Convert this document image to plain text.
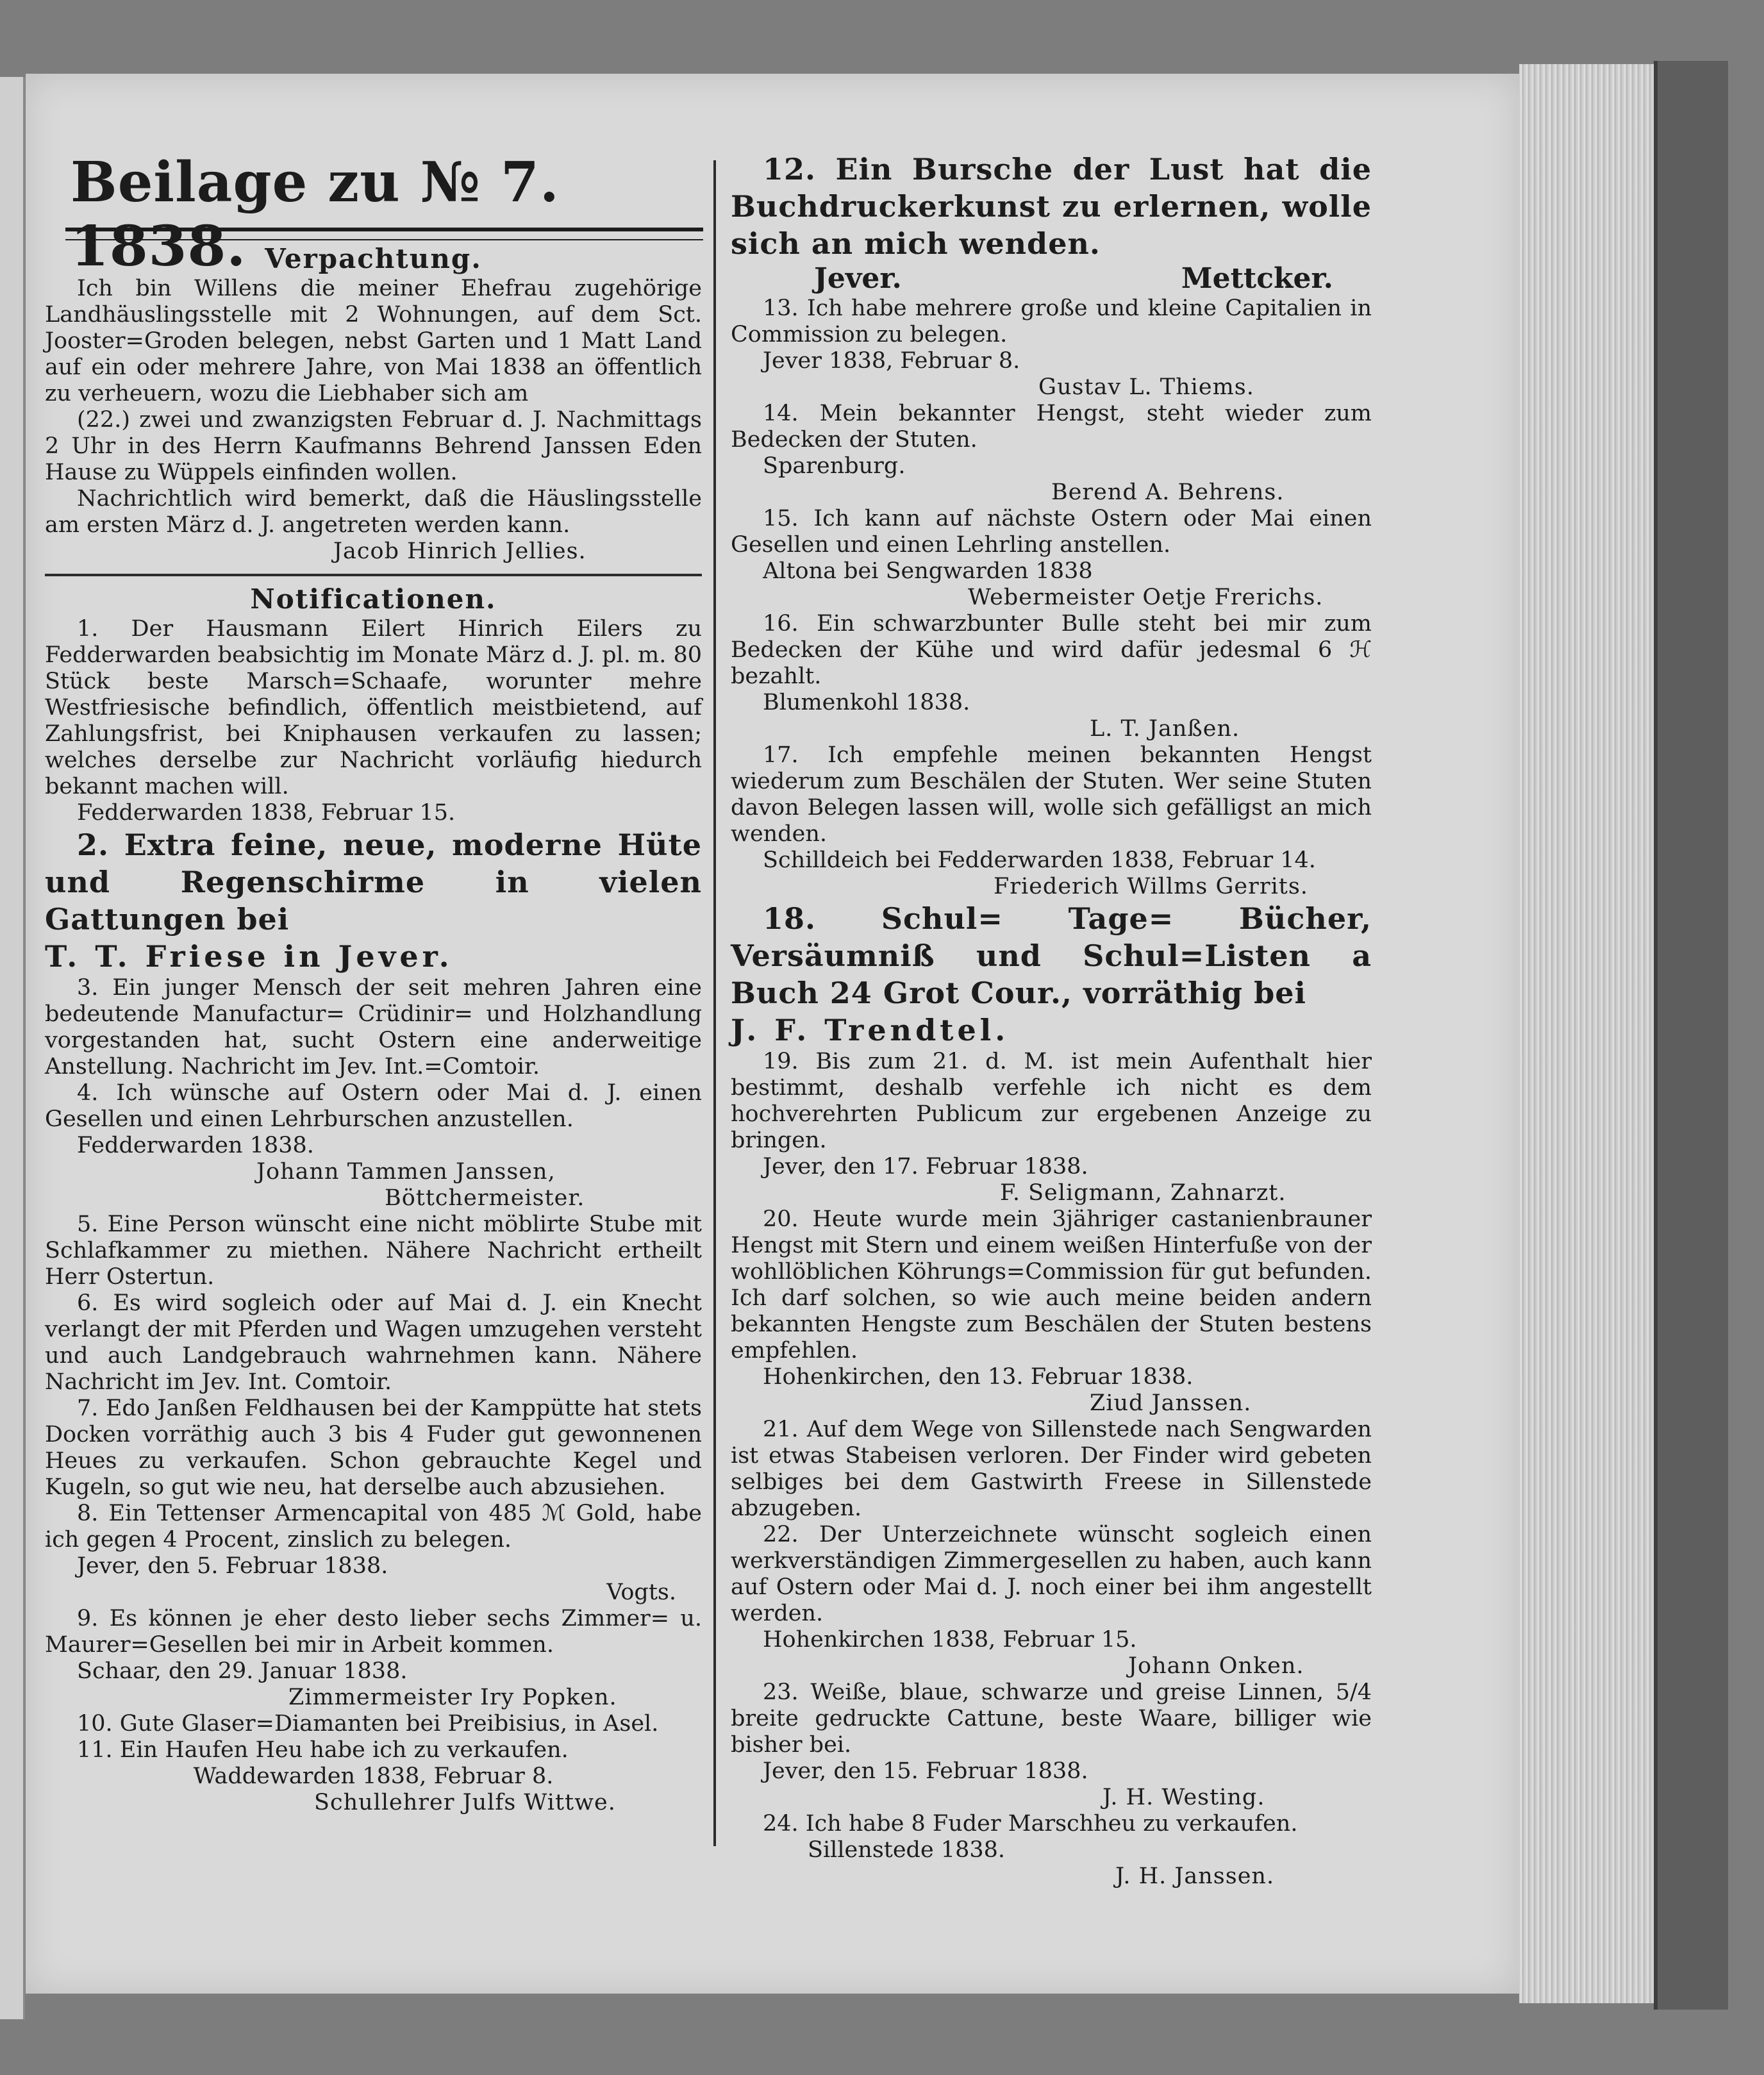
Beilage zu № 7. 1838. Verpachtung.

Ich bin Willens die meiner Ehefrau zugehörige Landhäuslingsstelle mit 2 Wohnungen, auf dem Sct. Jooster=Groden belegen, nebst Garten und 1 Matt Land auf ein oder mehrere Jahre, von Mai 1838 an öffentlich zu verheuern, wozu die Liebhaber sich am

(22.) zwei und zwanzigsten Februar d. J. Nachmittags 2 Uhr in des Herrn Kaufmanns Behrend Janssen Eden Hause zu Wüppels einfinden wollen.

Nachrichtlich wird bemerkt, daß die Häuslingsstelle am ersten März d. J. angetreten werden kann.

Jacob Hinrich Jellies.

Notificationen.

1. Der Hausmann Eilert Hinrich Eilers zu Fedderwarden beabsichtig im Monate März d. J. pl. m. 80 Stück beste Marsch=Schaafe, worunter mehre Westfriesische befindlich, öffentlich meistbietend, auf Zahlungsfrist, bei Kniphausen verkaufen zu lassen; welches derselbe zur Nachricht vorläufig hiedurch bekannt machen will.

Fedderwarden 1838, Februar 15.

2. Extra feine, neue, moderne Hüte und Regenschirme in vielen Gattungen bei

T. T. Friese in Jever.

3. Ein junger Mensch der seit mehren Jahren eine bedeutende Manufactur= Crüdinir= und Holzhandlung vorgestanden hat, sucht Ostern eine anderweitige Anstellung. Nachricht im Jev. Int.=Comtoir.

4. Ich wünsche auf Ostern oder Mai d. J. einen Gesellen und einen Lehrburschen anzustellen.

Fedderwarden 1838.

Johann Tammen Janssen,

Böttchermeister.

5. Eine Person wünscht eine nicht möblirte Stube mit Schlafkammer zu miethen. Nähere Nachricht ertheilt Herr Ostertun.

6. Es wird sogleich oder auf Mai d. J. ein Knecht verlangt der mit Pferden und Wagen umzugehen versteht und auch Landgebrauch wahrnehmen kann. Nähere Nachricht im Jev. Int. Comtoir.

7. Edo Janßen Feldhausen bei der Kamppütte hat stets Docken vorräthig auch 3 bis 4 Fuder gut gewonnenen Heues zu verkaufen. Schon gebrauchte Kegel und Kugeln, so gut wie neu, hat derselbe auch abzusiehen.

8. Ein Tettenser Armencapital von 485 ℳ Gold, habe ich gegen 4 Procent, zinslich zu belegen.

Jever, den 5. Februar 1838.

Vogts.

9. Es können je eher desto lieber sechs Zimmer= u. Maurer=Gesellen bei mir in Arbeit kommen.

Schaar, den 29. Januar 1838.

Zimmermeister Iry Popken.

10. Gute Glaser=Diamanten bei Preibisius, in Asel.

11. Ein Haufen Heu habe ich zu verkaufen.

Waddewarden 1838, Februar 8.

Schullehrer Julfs Wittwe.

12. Ein Bursche der Lust hat die Buchdruckerkunst zu erlernen, wolle sich an mich wenden.

Jever.	Mettcker.

13. Ich habe mehrere große und kleine Capitalien in Commission zu belegen.

Jever 1838, Februar 8.

Gustav L. Thiems.

14. Mein bekannter Hengst, steht wieder zum Bedecken der Stuten.

Sparenburg.

Berend A. Behrens.

15. Ich kann auf nächste Ostern oder Mai einen Gesellen und einen Lehrling anstellen.

Altona bei Sengwarden 1838

Webermeister Oetje Frerichs.

16. Ein schwarzbunter Bulle steht bei mir zum Bedecken der Kühe und wird dafür jedesmal 6 ℋ bezahlt.

Blumenkohl 1838.

L. T. Janßen.

17. Ich empfehle meinen bekannten Hengst wiederum zum Beschälen der Stuten. Wer seine Stuten davon Belegen lassen will, wolle sich gefälligst an mich wenden.

Schilldeich bei Fedderwarden 1838, Februar 14.

Friederich Willms Gerrits.

18. Schul= Tage= Bücher, Versäumniß und Schul=Listen a Buch 24 Grot Cour., vorräthig bei

J. F. Trendtel.

19. Bis zum 21. d. M. ist mein Aufenthalt hier bestimmt, deshalb verfehle ich nicht es dem hochverehrten Publicum zur ergebenen Anzeige zu bringen.

Jever, den 17. Februar 1838.

F. Seligmann, Zahnarzt.

20. Heute wurde mein 3jähriger castanienbrauner Hengst mit Stern und einem weißen Hinterfuße von der wohllöblichen Köhrungs=Commission für gut befunden. Ich darf solchen, so wie auch meine beiden andern bekannten Hengste zum Beschälen der Stuten bestens empfehlen.

Hohenkirchen, den 13. Februar 1838.

Ziud Janssen.

21. Auf dem Wege von Sillenstede nach Sengwarden ist etwas Stabeisen verloren. Der Finder wird gebeten selbiges bei dem Gastwirth Freese in Sillenstede abzugeben.

22. Der Unterzeichnete wünscht sogleich einen werkverständigen Zimmergesellen zu haben, auch kann auf Ostern oder Mai d. J. noch einer bei ihm angestellt werden.

Hohenkirchen 1838, Februar 15.

Johann Onken.

23. Weiße, blaue, schwarze und greise Linnen, 5/4 breite gedruckte Cattune, beste Waare, billiger wie bisher bei.

Jever, den 15. Februar 1838.

J. H. Westing.

24. Ich habe 8 Fuder Marschheu zu verkaufen.

Sillenstede 1838.

J. H. Janssen.
